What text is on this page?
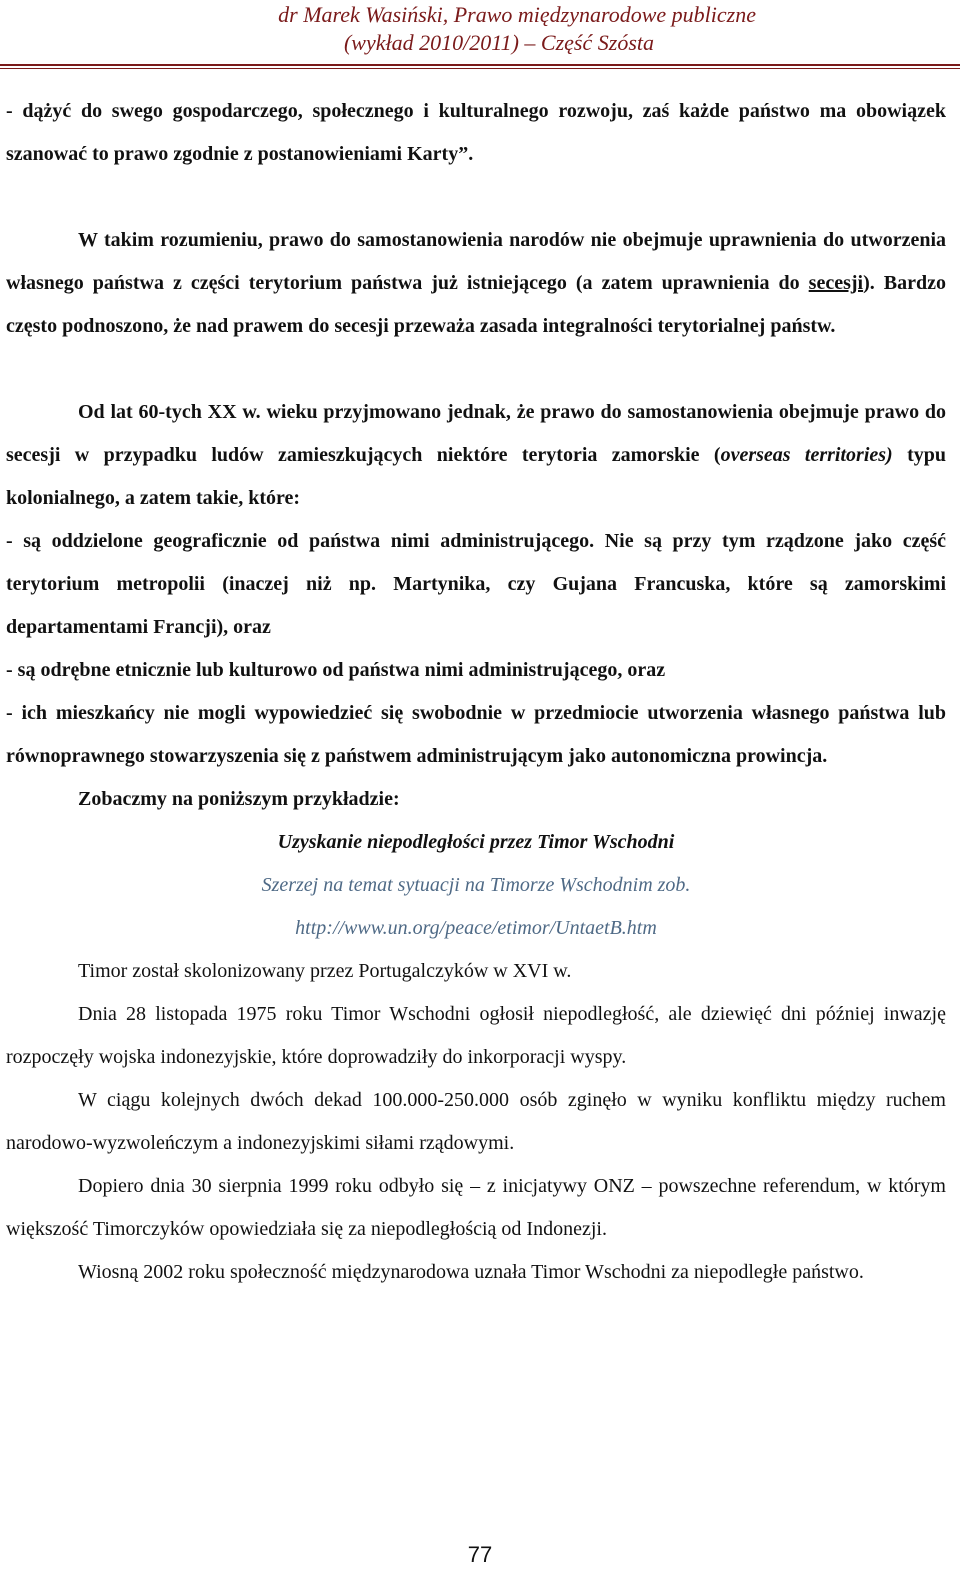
dr Marek Wasiński, Prawo międzynarodowe publiczne
(wykład 2010/2011) – Część Szósta

- dążyć do swego gospodarczego, społecznego i kulturalnego rozwoju, zaś każde państwo ma obowiązek szanować to prawo zgodnie z postanowieniami Karty”.

W takim rozumieniu, prawo do samostanowienia narodów nie obejmuje uprawnienia do utworzenia własnego państwa z części terytorium państwa już istniejącego (a zatem uprawnienia do secesji). Bardzo często podnoszono, że nad prawem do secesji przeważa zasada integralności terytorialnej państw.

Od lat 60-tych XX w. wieku przyjmowano jednak, że prawo do samostanowienia obejmuje prawo do secesji w przypadku ludów zamieszkujących niektóre terytoria zamorskie (overseas territories) typu kolonialnego, a zatem takie, które:

- są oddzielone geograficznie od państwa nimi administrującego. Nie są przy tym rządzone jako część terytorium metropolii (inaczej niż np. Martynika, czy Gujana Francuska, które są zamorskimi departamentami Francji), oraz

- są odrębne etnicznie lub kulturowo od państwa nimi administrującego, oraz

- ich mieszkańcy nie mogli wypowiedzieć się swobodnie w przedmiocie utworzenia własnego państwa lub równoprawnego stowarzyszenia się z państwem administrującym jako autonomiczna prowincja.

Zobaczmy na poniższym przykładzie:

Uzyskanie niepodległości przez Timor Wschodni

Szerzej na temat sytuacji na Timorze Wschodnim zob.

http://www.un.org/peace/etimor/UntaetB.htm

Timor został skolonizowany przez Portugalczyków w XVI w.

Dnia 28 listopada 1975 roku Timor Wschodni ogłosił niepodległość, ale dziewięć dni później inwazję rozpoczęły wojska indonezyjskie, które doprowadziły do inkorporacji wyspy.

W ciągu kolejnych dwóch dekad 100.000-250.000 osób zginęło w wyniku konfliktu między ruchem narodowo-wyzwoleńczym a indonezyjskimi siłami rządowymi.

Dopiero dnia 30 sierpnia 1999 roku odbyło się – z inicjatywy ONZ – powszechne referendum, w którym większość Timorczyków opowiedziała się za niepodległością od Indonezji.

Wiosną 2002 roku społeczność międzynarodowa uznała Timor Wschodni za niepodległe państwo.

77
